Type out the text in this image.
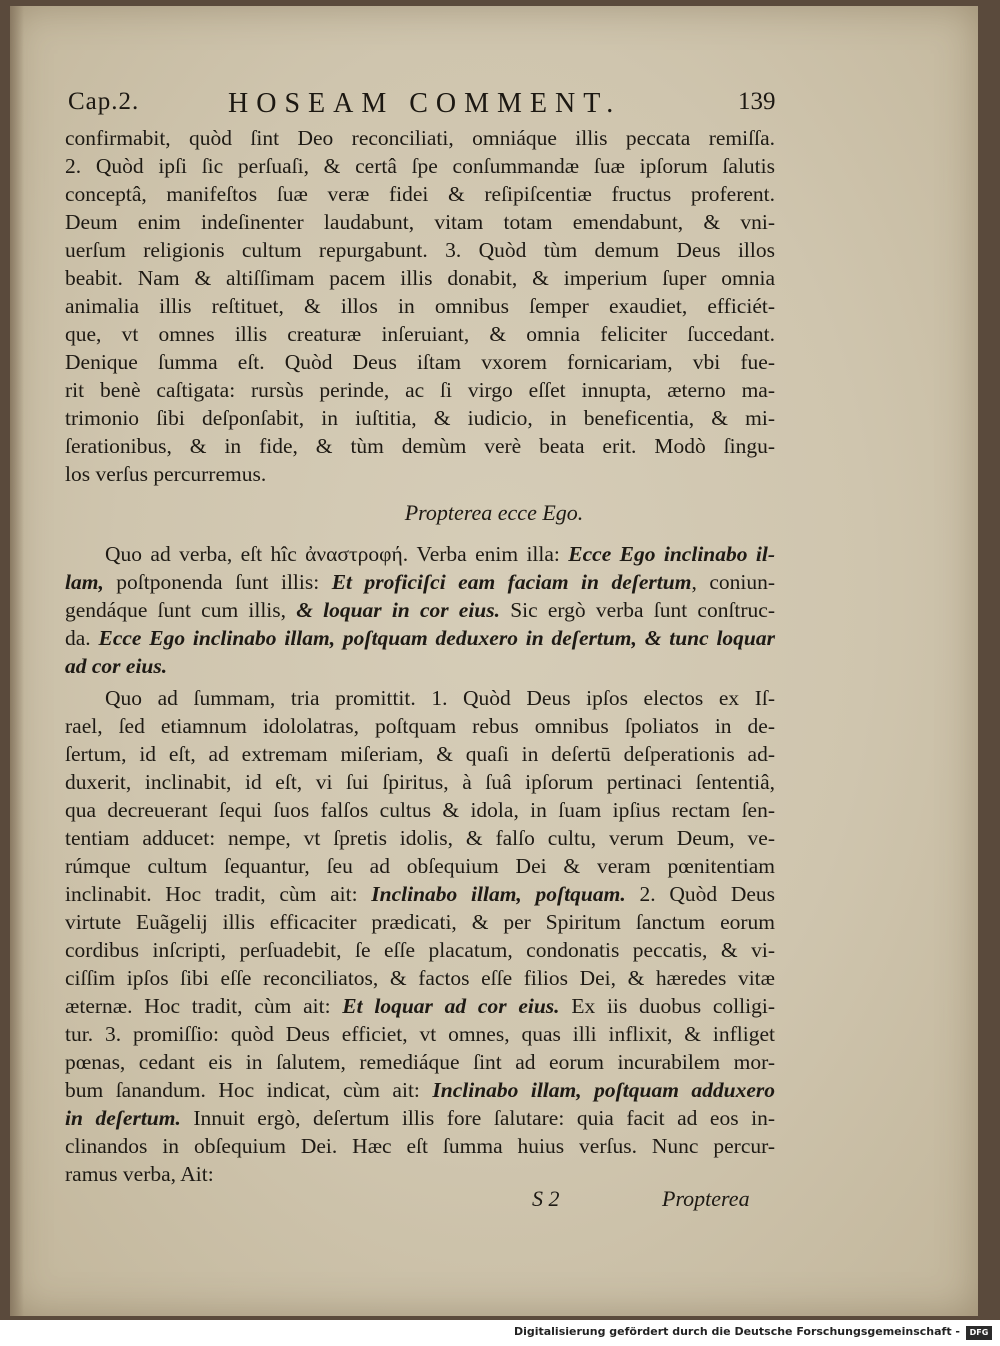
Cap.2.	HOSEAM COMMENT.	139
confirmabit, quòd ſint Deo reconciliati, omniáque illis peccata remiſſa.
2. Quòd ipſi ſic perſuaſi, & certâ ſpe conſummandæ ſuæ ipſorum ſalutis
conceptâ, manifeſtos ſuæ veræ fidei & reſipiſcentiæ fructus proferent.
Deum enim indeſinenter laudabunt, vitam totam emendabunt, & vni-
uerſum religionis cultum repurgabunt. 3. Quòd tùm demum Deus illos
beabit. Nam & altiſſimam pacem illis donabit, & imperium ſuper omnia
animalia illis reſtituet, & illos in omnibus ſemper exaudiet, efficiét-
que, vt omnes illis creaturæ inſeruiant, & omnia feliciter ſuccedant.
Denique ſumma eſt. Quòd Deus iſtam vxorem fornicariam, vbi fue-
rit benè caſtigata: rursùs perinde, ac ſi virgo eſſet innupta, æterno ma-
trimonio ſibi deſponſabit, in iuſtitia, & iudicio, in beneficentia, & mi-
ſerationibus, & in fide, & tùm demùm verè beata erit. Modò ſingu-
los verſus percurremus.
Propterea ecce Ego.
Quo ad verba, eſt hîc ἀναστροφή. Verba enim illa: Ecce Ego inclinabo il-
lam, poſtponenda ſunt illis: Et proficiſci eam faciam in deſertum, coniun-
gendáque ſunt cum illis, & loquar in cor eius. Sic ergò verba ſunt conſtruc-
da. Ecce Ego inclinabo illam, poſtquam deduxero in deſertum, & tunc loquar
ad cor eius.
Quo ad ſummam, tria promittit. 1. Quòd Deus ipſos electos ex Iſ-
rael, ſed etiamnum idololatras, poſtquam rebus omnibus ſpoliatos in de-
ſertum, id eſt, ad extremam miſeriam, & quaſi in deſertū deſperationis ad-
duxerit, inclinabit, id eſt, vi ſui ſpiritus, à ſuâ ipſorum pertinaci ſententiâ,
qua decreuerant ſequi ſuos falſos cultus & idola, in ſuam ipſius rectam ſen-
tentiam adducet: nempe, vt ſpretis idolis, & falſo cultu, verum Deum, ve-
rúmque cultum ſequantur, ſeu ad obſequium Dei & veram pœnitentiam
inclinabit. Hoc tradit, cùm ait: Inclinabo illam, poſtquam. 2. Quòd Deus
virtute Euãgelij illis efficaciter prædicati, & per Spiritum ſanctum eorum
cordibus inſcripti, perſuadebit, ſe eſſe placatum, condonatis peccatis, & vi-
ciſſim ipſos ſibi eſſe reconciliatos, & factos eſſe filios Dei, & hæredes vitæ
æternæ. Hoc tradit, cùm ait: Et loquar ad cor eius. Ex iis duobus colligi-
tur. 3. promiſſio: quòd Deus efficiet, vt omnes, quas illi inflixit, & infliget
pœnas, cedant eis in ſalutem, remediáque ſint ad eorum incurabilem mor-
bum ſanandum. Hoc indicat, cùm ait: Inclinabo illam, poſtquam adduxero
in deſertum. Innuit ergò, deſertum illis fore ſalutare: quia facit ad eos in-
clinandos in obſequium Dei. Hæc eſt ſumma huius verſus. Nunc percur-
ramus verba, Ait:
S 2	Propterea
Digitalisierung gefördert durch die Deutsche Forschungsgemeinschaft -	DFG
